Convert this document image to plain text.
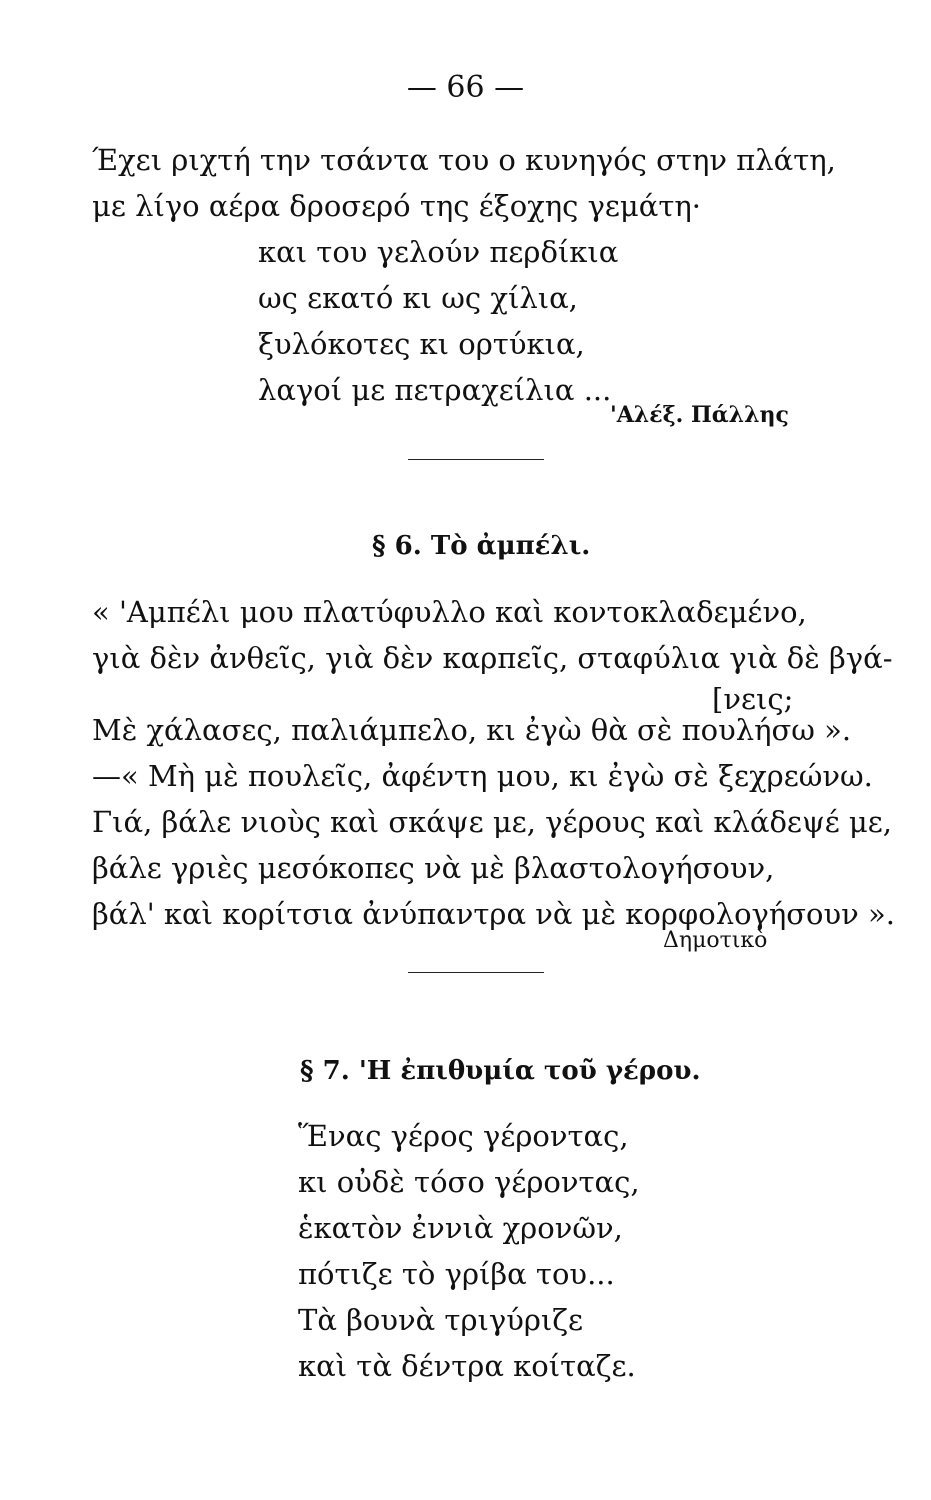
— 66 —
Έχει ριχτή την τσάντα του ο κυνηγός στην πλάτη,
με λίγο αέρα δροσερό της έξοχης γεμάτη·
και του γελούν περδίκια
ως εκατό κι ως χίλια,
ξυλόκοτες κι ορτύκια,
λαγοί με πετραχείλια ...
'Αλέξ. Πάλλης
§ 6. Τὸ ἀμπέλι.
« 'Αμπέλι μου πλατύφυλλο καὶ κοντοκλαδεμένο,
γιὰ δὲν ἀνθεῖς, γιὰ δὲν καρπεῖς, σταφύλια γιὰ δὲ βγά-
[νεις;
Μὲ χάλασες, παλιάμπελο, κι ἐγὼ θὰ σὲ πουλήσω ».
—« Μὴ μὲ πουλεῖς, ἀφέντη μου, κι ἐγὼ σὲ ξεχρεώνω.
Γιά, βάλε νιοὺς καὶ σκάψε με, γέρους καὶ κλάδεψέ με,
βάλε γριὲς μεσόκοπες νὰ μὲ βλαστολογήσουν,
βάλ' καὶ κορίτσια ἀνύπαντρα νὰ μὲ κορφολογήσουν ».
Δημοτικὸ
§ 7. 'Η ἐπιθυμία τοῦ γέρου.
Ἕνας γέρος γέροντας,
κι οὐδὲ τόσο γέροντας,
ἑκατὸν ἐννιὰ χρονῶν,
πότιζε τὸ γρίβα του...
Τὰ βουνὰ τριγύριζε
καὶ τὰ δέντρα κοίταζε.
